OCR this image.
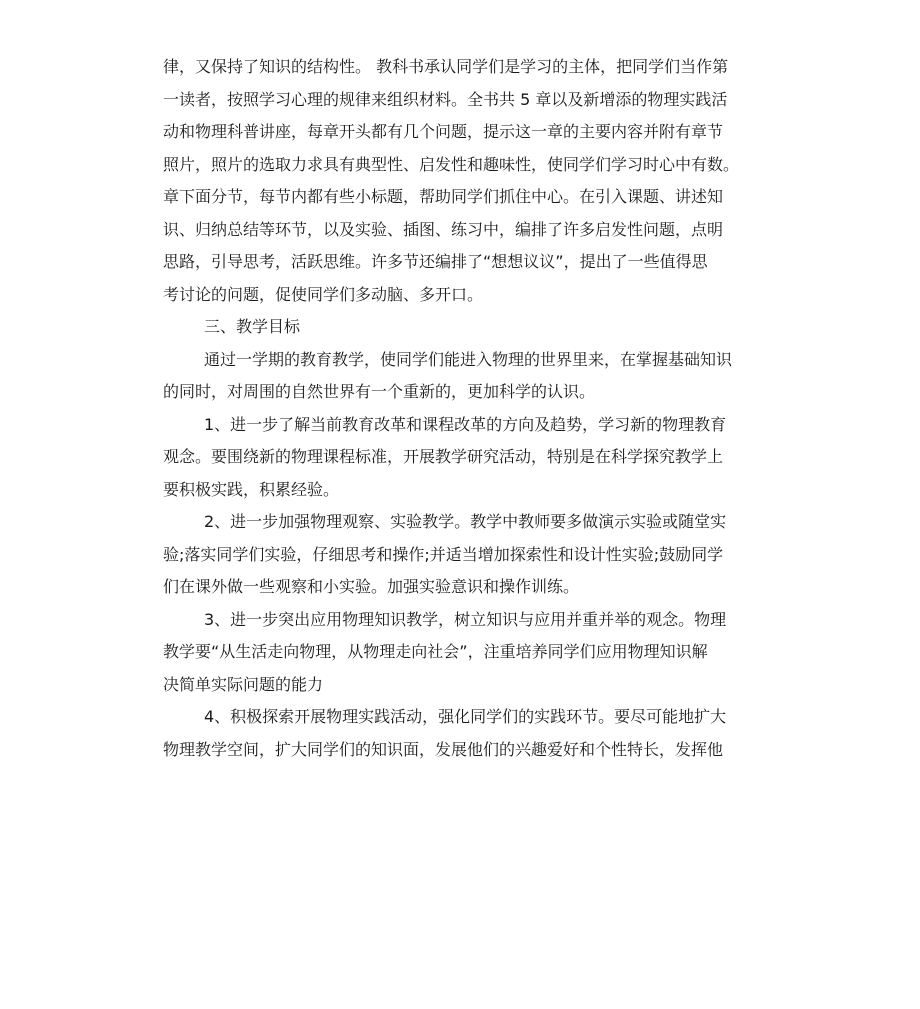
律，又保持了知识的结构性。 教科书承认同学们是学习的主体，把同学们当作第
一读者，按照学习心理的规律来组织材料。全书共 5 章以及新增添的物理实践活
动和物理科普讲座，每章开头都有几个问题，提示这一章的主要内容并附有章节
照片，照片的选取力求具有典型性、启发性和趣味性，使同学们学习时心中有数。
章下面分节，每节内都有些小标题，帮助同学们抓住中心。在引入课题、讲述知
识、归纳总结等环节，以及实验、插图、练习中，编排了许多启发性问题，点明
思路，引导思考，活跃思维。许多节还编排了“想想议议”，提出了一些值得思
考讨论的问题，促使同学们多动脑、多开口。
三、教学目标
通过一学期的教育教学，使同学们能进入物理的世界里来，在掌握基础知识
的同时，对周围的自然世界有一个重新的，更加科学的认识。
1、进一步了解当前教育改革和课程改革的方向及趋势，学习新的物理教育
观念。要围绕新的物理课程标准，开展教学研究活动，特别是在科学探究教学上
要积极实践，积累经验。
2、进一步加强物理观察、实验教学。教学中教师要多做演示实验或随堂实
验;落实同学们实验，仔细思考和操作;并适当增加探索性和设计性实验;鼓励同学
们在课外做一些观察和小实验。加强实验意识和操作训练。
3、进一步突出应用物理知识教学，树立知识与应用并重并举的观念。物理
教学要“从生活走向物理，从物理走向社会”，注重培养同学们应用物理知识解
决简单实际问题的能力
4、积极探索开展物理实践活动，强化同学们的实践环节。要尽可能地扩大
物理教学空间，扩大同学们的知识面，发展他们的兴趣爱好和个性特长，发挥他
